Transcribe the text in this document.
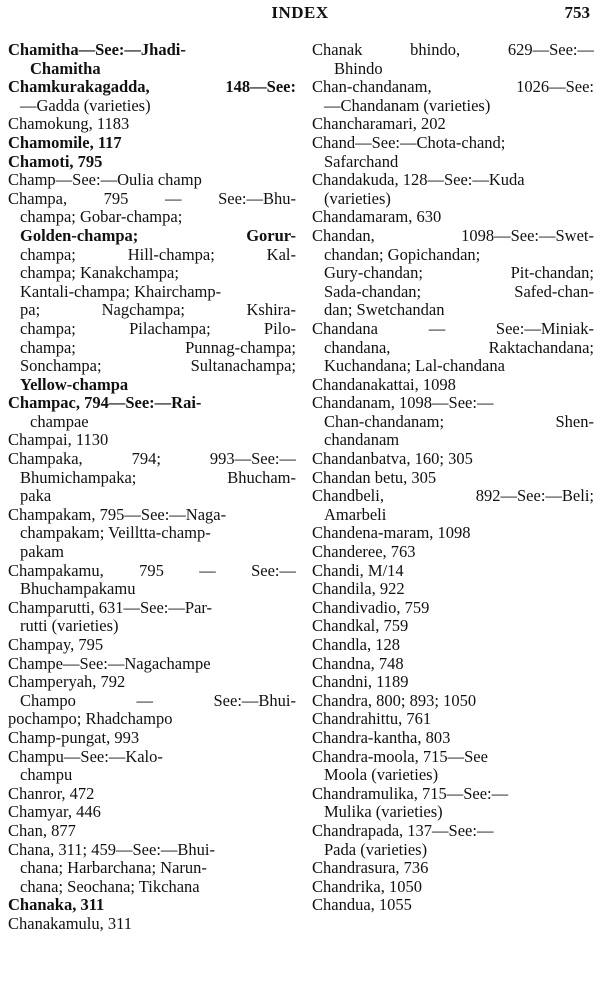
INDEX	753
Chamitha—See:—Jhadi-
Chamitha
Chamkurakagadda, 148—See:
—Gadda (varieties)
Chamokung, 1183
Chamomile, 117
Chamoti, 795
Champ—See:—Oulia champ
Champa, 795 — See:—Bhu-
champa; Gobar-champa;
Golden-champa; Gorur-
champa; Hill-champa; Kal-
champa; Kanakchampa;
Kantali-champa; Khairchamp-
pa; Nagchampa; Kshira-
champa; Pilachampa; Pilo-
champa; Punnag-champa;
Sonchampa; Sultanachampa;
Yellow-champa
Champac, 794—See:—Rai-
champae
Champai, 1130
Champaka, 794; 993—See:—
Bhumichampaka; Bhucham-
paka
Champakam, 795—See:—Naga-
champakam; Veilltta-champ-
pakam
Champakamu, 795 — See:—
Bhuchampakamu
Champarutti, 631—See:—Par-
rutti (varieties)
Champay, 795
Champe—See:—Nagachampe
Champeryah, 792
Champo — See:—Bhui-
pochampo; Rhadchampo
Champ-pungat, 993
Champu—See:—Kalo-
champu
Chanror, 472
Chamyar, 446
Chan, 877
Chana, 311; 459—See:—Bhui-
chana; Harbarchana; Narun-
chana; Seochana; Tikchana
Chanaka, 311
Chanakamulu, 311
Chanak bhindo, 629—See:—
Bhindo
Chan-chandanam, 1026—See:
—Chandanam (varieties)
Chancharamari, 202
Chand—See:—Chota-chand;
Safarchand
Chandakuda, 128—See:—Kuda
(varieties)
Chandamaram, 630
Chandan, 1098—See:—Swet-
chandan; Gopichandan;
Gury-chandan; Pit-chandan;
Sada-chandan; Safed-chan-
dan; Swetchandan
Chandana — See:—Miniak-
chandana, Raktachandana;
Kuchandana; Lal-chandana
Chandanakattai, 1098
Chandanam, 1098—See:—
Chan-chandanam; Shen-
chandanam
Chandanbatva, 160; 305
Chandan betu, 305
Chandbeli, 892—See:—Beli;
Amarbeli
Chandena-maram, 1098
Chanderee, 763
Chandi, M/14
Chandila, 922
Chandivadio, 759
Chandkal, 759
Chandla, 128
Chandna, 748
Chandni, 1189
Chandra, 800; 893; 1050
Chandrahittu, 761
Chandra-kantha, 803
Chandra-moola, 715—See
Moola (varieties)
Chandramulika, 715—See:—
Mulika (varieties)
Chandrapada, 137—See:—
Pada (varieties)
Chandrasura, 736
Chandrika, 1050
Chandua, 1055
